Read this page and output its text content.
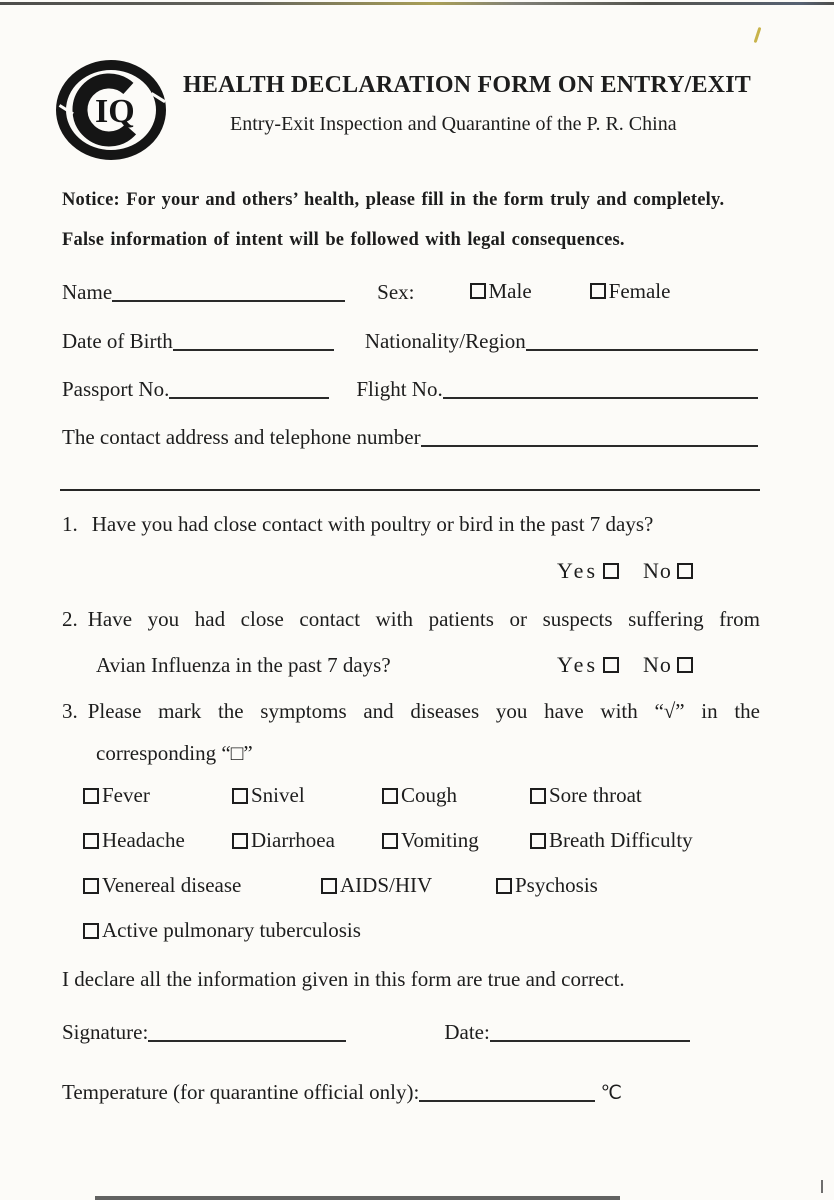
IQ
HEALTH DECLARATION FORM ON ENTRY/EXIT
Entry-Exit Inspection and Quarantine of the P. R. China
Notice: For your and others’ health, please fill in the form truly and completely.
False information of intent will be followed with legal consequences.
Name	Sex:	Male	Female
Date of Birth	Nationality/Region
Passport No.	Flight No.
The contact address and telephone number
1. Have you had close contact with poultry or bird in the past 7 days?
Yes No
2. Have you had close contact with patients or suspects suffering from
Avian Influenza in the past 7 days?	Yes No
3. Please mark the symptoms and diseases you have with “√” in the
corresponding “□”
Fever	Snivel	Cough	Sore throat
Headache	Diarrhoea	Vomiting	Breath Difficulty
Venereal disease	AIDS/HIV	Psychosis
Active pulmonary tuberculosis
I declare all the information given in this form are true and correct.
Signature:	Date:
Temperature (for quarantine official only):	℃
